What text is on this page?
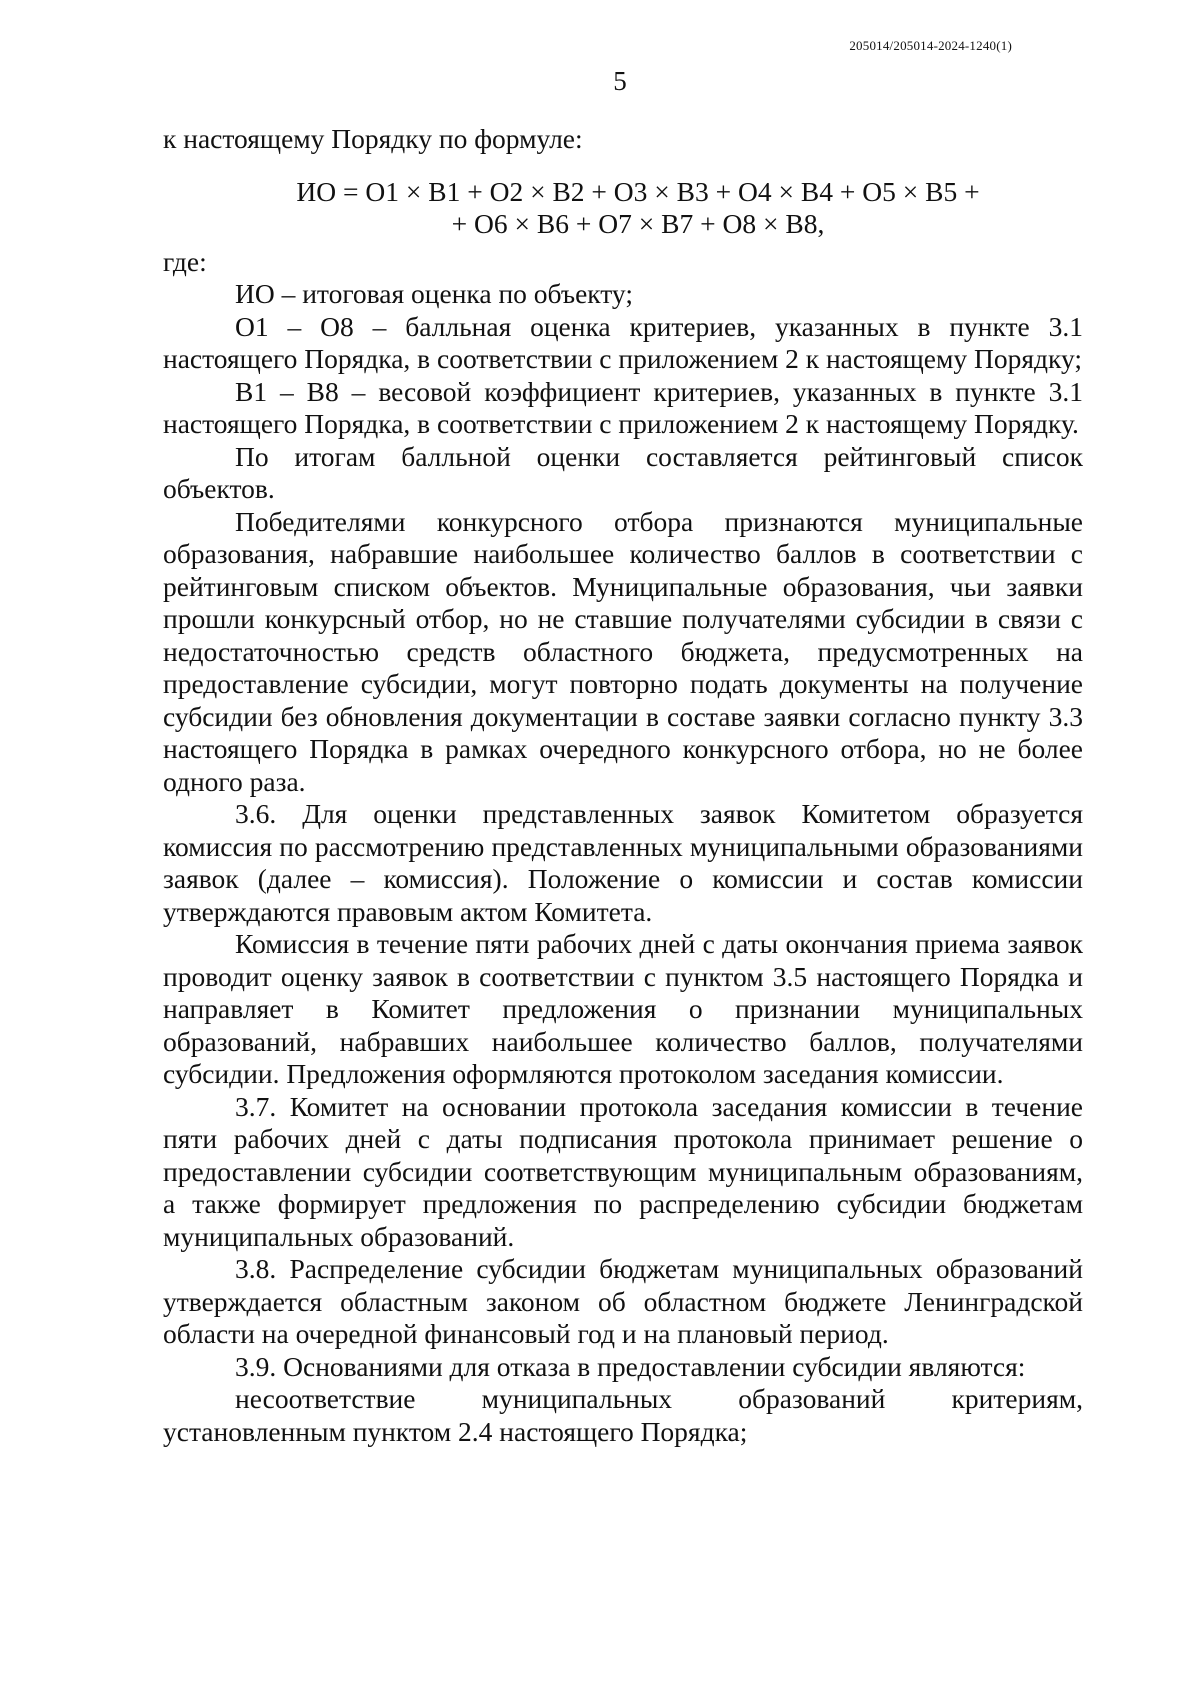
205014/205014-2024-1240(1)
5

к настоящему Порядку по формуле:

ИО = О1 × В1 + О2 × В2 + О3 × В3 + О4 × В4 + О5 × В5 +
+ О6 × В6 + О7 × В7 + О8 × В8,

где:

ИО – итоговая оценка по объекту;

О1 – О8 – балльная оценка критериев, указанных в пункте 3.1 настоящего Порядка, в соответствии с приложением 2 к настоящему Порядку;

В1 – В8 – весовой коэффициент критериев, указанных в пункте 3.1 настоящего Порядка, в соответствии с приложением 2 к настоящему Порядку.

По итогам балльной оценки составляется рейтинговый список объектов.

Победителями конкурсного отбора признаются муниципальные образования, набравшие наибольшее количество баллов в соответствии с рейтинговым списком объектов. Муниципальные образования, чьи заявки прошли конкурсный отбор, но не ставшие получателями субсидии в связи с недостаточностью средств областного бюджета, предусмотренных на предоставление субсидии, могут повторно подать документы на получение субсидии без обновления документации в составе заявки согласно пункту 3.3 настоящего Порядка в рамках очередного конкурсного отбора, но не более одного раза.

3.6. Для оценки представленных заявок Комитетом образуется комиссия по рассмотрению представленных муниципальными образованиями заявок (далее – комиссия). Положение о комиссии и состав комиссии утверждаются правовым актом Комитета.

Комиссия в течение пяти рабочих дней с даты окончания приема заявок проводит оценку заявок в соответствии с пунктом 3.5 настоящего Порядка и направляет в Комитет предложения о признании муниципальных образований, набравших наибольшее количество баллов, получателями субсидии. Предложения оформляются протоколом заседания комиссии.

3.7. Комитет на основании протокола заседания комиссии в течение пяти рабочих дней с даты подписания протокола принимает решение о предоставлении субсидии соответствующим муниципальным образованиям, а также формирует предложения по распределению субсидии бюджетам муниципальных образований.

3.8. Распределение субсидии бюджетам муниципальных образований утверждается областным законом об областном бюджете Ленинградской области на очередной финансовый год и на плановый период.

3.9. Основаниями для отказа в предоставлении субсидии являются:

несоответствие муниципальных образований критериям, установленным пунктом 2.4 настоящего Порядка;
